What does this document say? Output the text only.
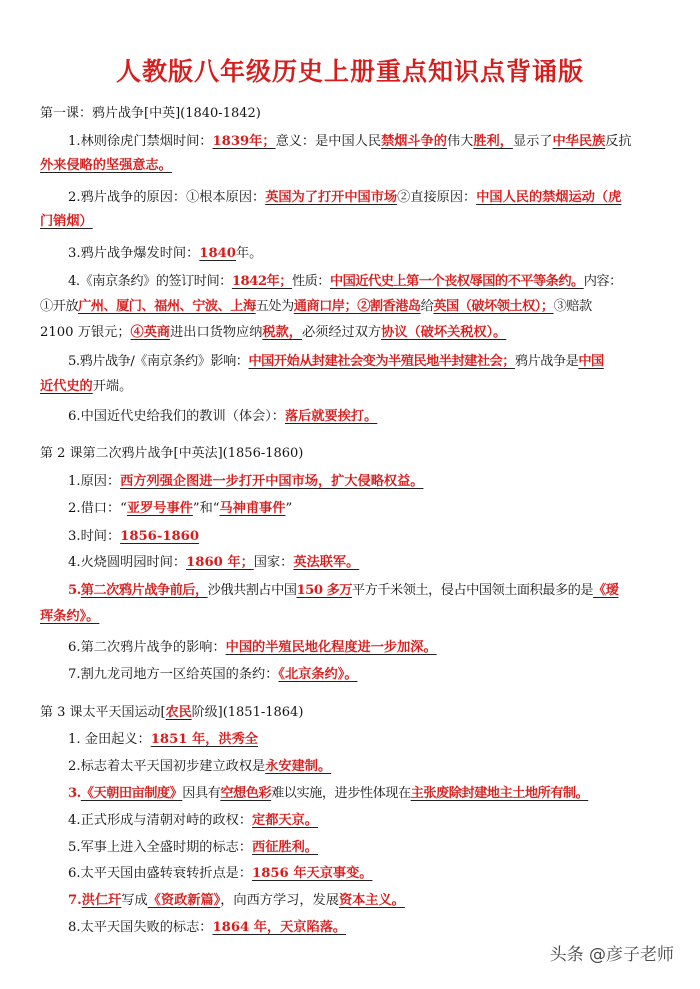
人教版八年级历史上册重点知识点背诵版
第一课：鸦片战争[中英](1840-1842)
1.林则徐虎门禁烟时间：1839年；意义：是中国人民禁烟斗争的伟大胜利，显示了中华民族反抗
外来侵略的坚强意志。
2.鸦片战争的原因：①根本原因：英国为了打开中国市场②直接原因：中国人民的禁烟运动（虎
门销烟）
3.鸦片战争爆发时间：1840年。
4.《南京条约》的签订时间：1842年；性质：中国近代史上第一个丧权辱国的不平等条约。内容：
①开放广州、厦门、福州、宁波、上海五处为通商口岸；②割香港岛给英国（破坏领土权）；③赔款
2100 万银元；④英商进出口货物应纳税款，必须经过双方协议（破坏关税权）。
5.鸦片战争/《南京条约》影响：中国开始从封建社会变为半殖民地半封建社会；鸦片战争是中国
近代史的开端。
6.中国近代史给我们的教训（体会）：落后就要挨打。
第 2 课第二次鸦片战争[中英法](1856-1860)
1.原因：西方列强企图进一步打开中国市场，扩大侵略权益。
2.借口：“亚罗号事件”和“马神甫事件”
3.时间：1856-1860
4.火烧圆明园时间：1860 年；国家：英法联军。
5.第二次鸦片战争前后，沙俄共割占中国150 多万平方千米领土，侵占中国领土面积最多的是《瑷
珲条约》。
6.第二次鸦片战争的影响：中国的半殖民地化程度进一步加深。
7.割九龙司地方一区给英国的条约：《北京条约》。
第 3 课太平天国运动[农民阶级](1851-1864)
1. 金田起义：1851 年，洪秀全
2.标志着太平天国初步建立政权是永安建制。
3.《天朝田亩制度》因具有空想色彩难以实施，进步性体现在主张废除封建地主土地所有制。
4.正式形成与清朝对峙的政权：定都天京。
5.军事上进入全盛时期的标志：西征胜利。
6.太平天国由盛转衰转折点是：1856 年天京事变。
7.洪仁玕写成《资政新篇》，向西方学习，发展资本主义。
8.太平天国失败的标志：1864 年，天京陷落。
头条 @彦子老师
